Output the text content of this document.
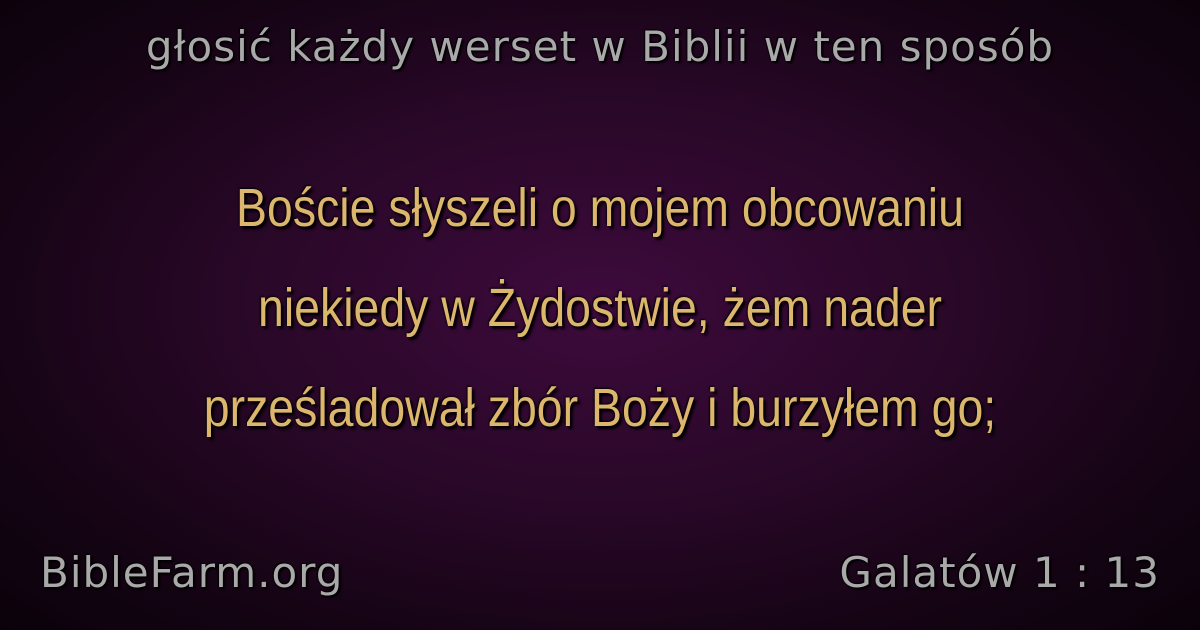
głosić każdy werset w Biblii w ten sposób
Boście słyszeli o mojem obcowaniu
niekiedy w Żydostwie, żem nader
prześladował zbór Boży i burzyłem go;
BibleFarm.org	Galatów 1 : 13
